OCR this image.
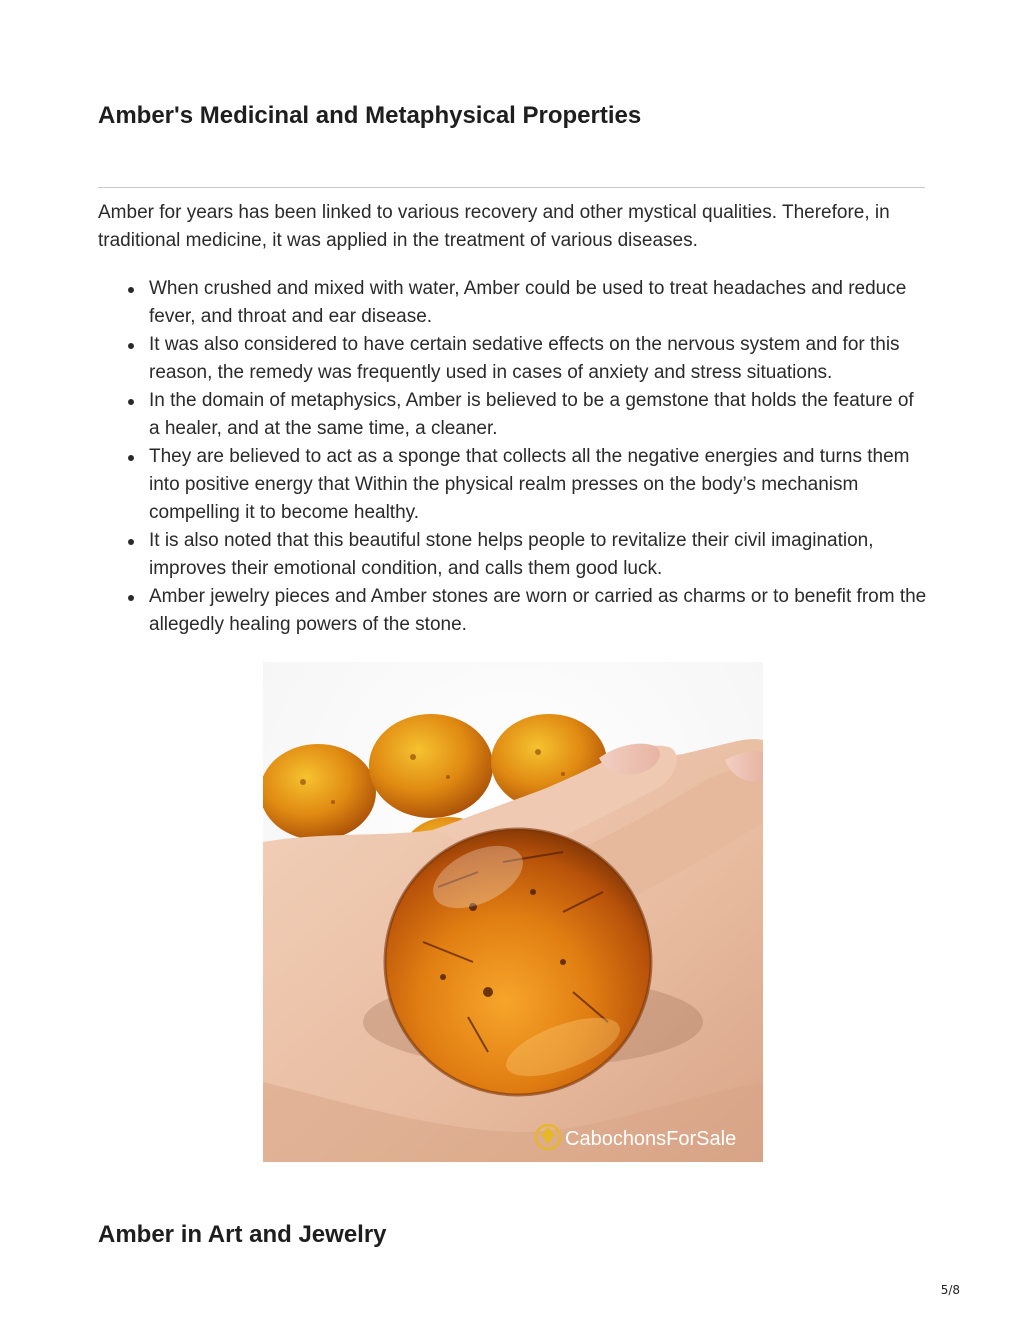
Amber's Medicinal and Metaphysical Properties

Amber for years has been linked to various recovery and other mystical qualities. Therefore, in traditional medicine, it was applied in the treatment of various diseases.

When crushed and mixed with water, Amber could be used to treat headaches and reduce fever, and throat and ear disease.
It was also considered to have certain sedative effects on the nervous system and for this reason, the remedy was frequently used in cases of anxiety and stress situations.
In the domain of metaphysics, Amber is believed to be a gemstone that holds the feature of a healer, and at the same time, a cleaner.
They are believed to act as a sponge that collects all the negative energies and turns them into positive energy that Within the physical realm presses on the body’s mechanism compelling it to become healthy.
It is also noted that this beautiful stone helps people to revitalize their civil imagination, improves their emotional condition, and calls them good luck.
Amber jewelry pieces and Amber stones are worn or carried as charms or to benefit from the allegedly healing powers of the stone.
CabochonsForSale
Amber in Art and Jewelry
5/8
